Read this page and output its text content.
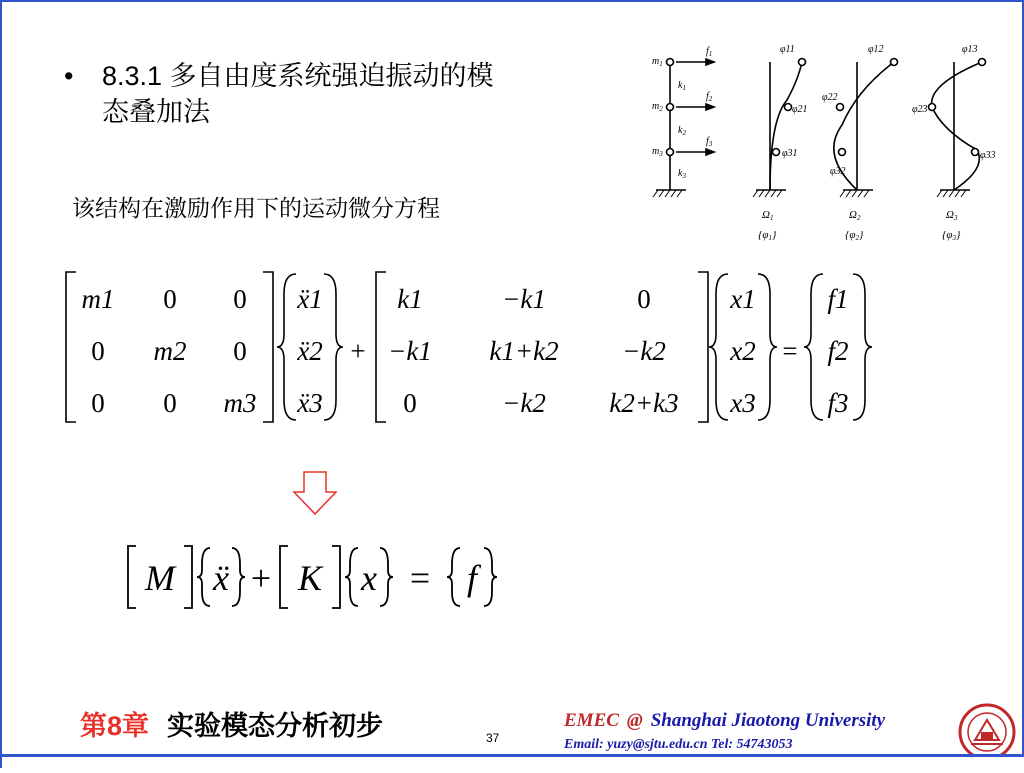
• 8.3.1 多自由度系统强迫振动的模态叠加法
该结构在激励作用下的运动微分方程
$m_1$
$m_2$
$m_3$
$k_1$
$k_2$
$k_3$
$f_1$
$f_2$
$f_3$
φ11
φ21
φ31
φ12
φ22
φ32
φ13
φ23
φ33
Ω1	Ω2	Ω3
{φ1}	{φ2}	{φ3}
m1 0 0
0 m2 0
0 0 m3
ẍ1
ẍ2
ẍ3
+
k1	−k1	0
−k1 k1+k2 −k2
0	−k2 k2+k3
x1
x2
x3
=
f1
f2
f3
M ẍ + K x = f
第8章 实验模态分析初步	37
EMEC @ Shanghai Jiaotong University
Email: yuzy@sjtu.edu.cn Tel: 54743053
